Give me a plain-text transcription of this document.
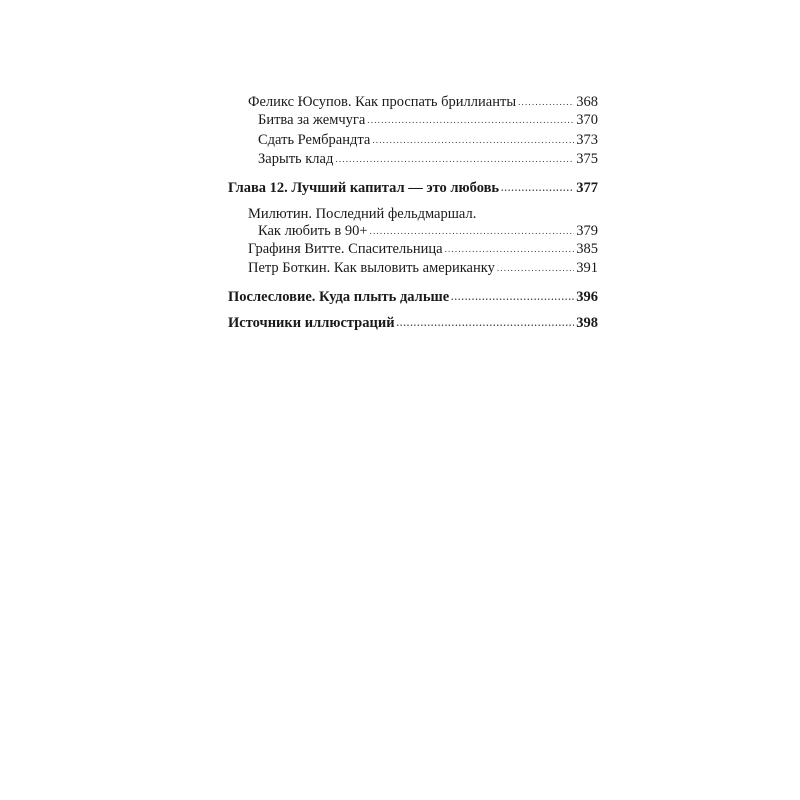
Феликс Юсупов. Как проспать бриллианты .....	368
Битва за жемчуга .....	370
Сдать Рембрандта .....	373
Зарыть клад .....	375
Глава 12. Лучший капитал — это любовь .....	377
Милютин. Последний фельдмаршал.
Как любить в 90+ .....	379
Графиня Витте. Спасительница .....	385
Петр Боткин. Как выловить американку .....	391
Послесловие. Куда плыть дальше .....	396
Источники иллюстраций .....	398
